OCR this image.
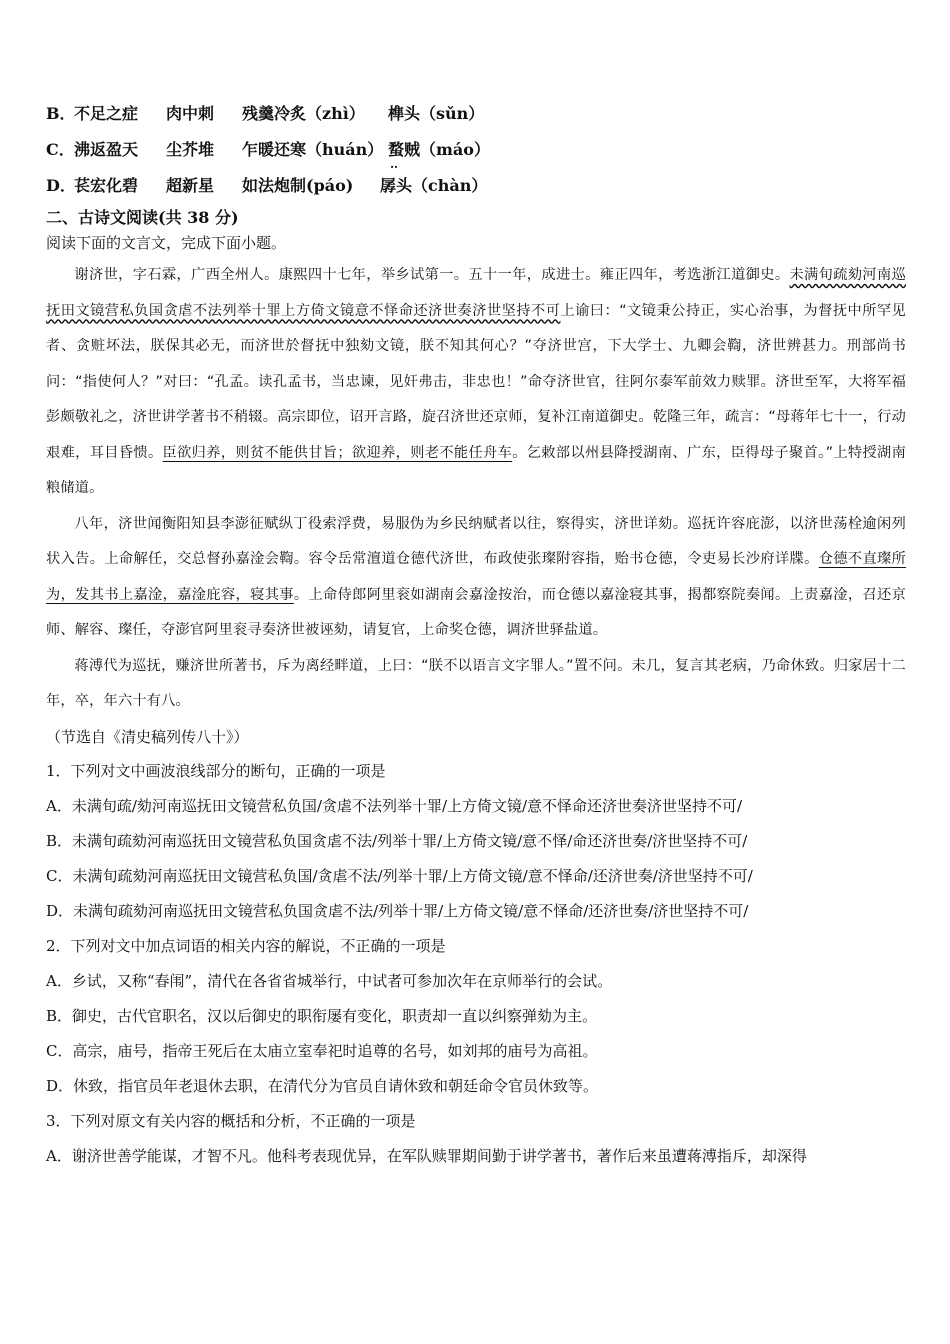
B．
不足之症 肉中刺 残羹冷炙（zhì） 榫头（sǔn）
C． 沸返盈天 尘芥堆 乍暖还寒（huán） 蝥贼（máo） ‥
D．
苌宏化碧 超新星 如法炮制(páo) 孱头（chàn）
二、古诗文阅读(共 38 分)
阅读下面的文言文，完成下面小题。
谢济世，字石霖，广西全州人。康熙四十七年，举乡试第一。五十一年，成进士。雍正四年，考选浙江道御史。未满旬疏劾河南巡抚田文镜营私负国贪虐不法列举十罪上方倚文镜意不怿命还济世奏济世坚持不可上谕曰：“文镜秉公持正，实心治事，为督抚中所罕见者、贪赃坏法，朕保其必无，而济世於督抚中独劾文镜，朕不知其何心？”夺济世宫，下大学士、九卿会鞫，济世辨甚力。刑部尚书问：“指使何人？”对曰：“孔孟。读孔孟书，当忠谏，见奸弗击，非忠也！”命夺济世官，往阿尔泰军前效力赎罪。济世至军，大将军福彭颇敬礼之，济世讲学著书不稍辍。高宗即位，诏开言路，旋召济世还京师，复补江南道御史。乾隆三年，疏言：“母蒋年七十一，行动艰难，耳目昏愦。臣欲归养，则贫不能供甘旨；欲迎养，则老不能任舟车。乞敕部以州县降授湖南、广东，臣得母子聚首。”上特授湖南粮储道。
八年，济世闻衡阳知县李澎征赋纵丁役索浮费，易服伪为乡民纳赋者以往，察得实，济世详劾。巡抚许容庇澎，以济世荡栓逾闲列状入告。上命解任，交总督孙嘉淦会鞫。容令岳常澶道仓德代济世，布政使张璨附容指，贻书仓德，令吏易长沙府详牒。仓德不直璨所为，发其书上嘉淦，嘉淦庇容，寝其事。上命侍郎阿里衮如湖南会嘉淦按治，而仓德以嘉淦寝其事，揭都察院奏闻。上责嘉淦，召还京师、解容、璨任，夺澎官阿里衮寻奏济世被诬劾，请复官，上命奖仓德，调济世驿盐道。
蒋溥代为巡抚，赚济世所著书，斥为离经畔道，上曰：“朕不以语言文字罪人。”置不问。未几，复言其老病，乃命休致。归家居十二年，卒，年六十有八。
（节选自《清史稿列传八十》）
1．下列对文中画波浪线部分的断句，正确的一项是
A．未满旬疏/劾河南巡抚田文镜营私负国/贪虐不法列举十罪/上方倚文镜/意不怿命还济世奏济世坚持不可/
B．未满旬疏劾河南巡抚田文镜营私负国贪虐不法/列举十罪/上方倚文镜/意不怿/命还济世奏/济世坚持不可/
C．未满旬疏劾河南巡抚田文镜营私负国/贪虐不法/列举十罪/上方倚文镜/意不怿命/还济世奏/济世坚持不可/
D．未满旬疏劾河南巡抚田文镜营私负国贪虐不法/列举十罪/上方倚文镜/意不怿命/还济世奏/济世坚持不可/
2．下列对文中加点词语的相关内容的解说，不正确的一项是
A．乡试，又称“春闱”，清代在各省省城举行，中试者可参加次年在京师举行的会试。
B．御史，古代官职名，汉以后御史的职衔屡有变化，职责却一直以纠察弹劾为主。
C．高宗，庙号，指帝王死后在太庙立室奉祀时追尊的名号，如刘邦的庙号为高祖。
D．休致，指官员年老退休去职，在清代分为官员自请休致和朝廷命令官员休致等。
3．下列对原文有关内容的概括和分析，不正确的一项是
A．谢济世善学能谋，才智不凡。他科考表现优异，在军队赎罪期间勤于讲学著书，著作后来虽遭蒋溥指斥，却深得
